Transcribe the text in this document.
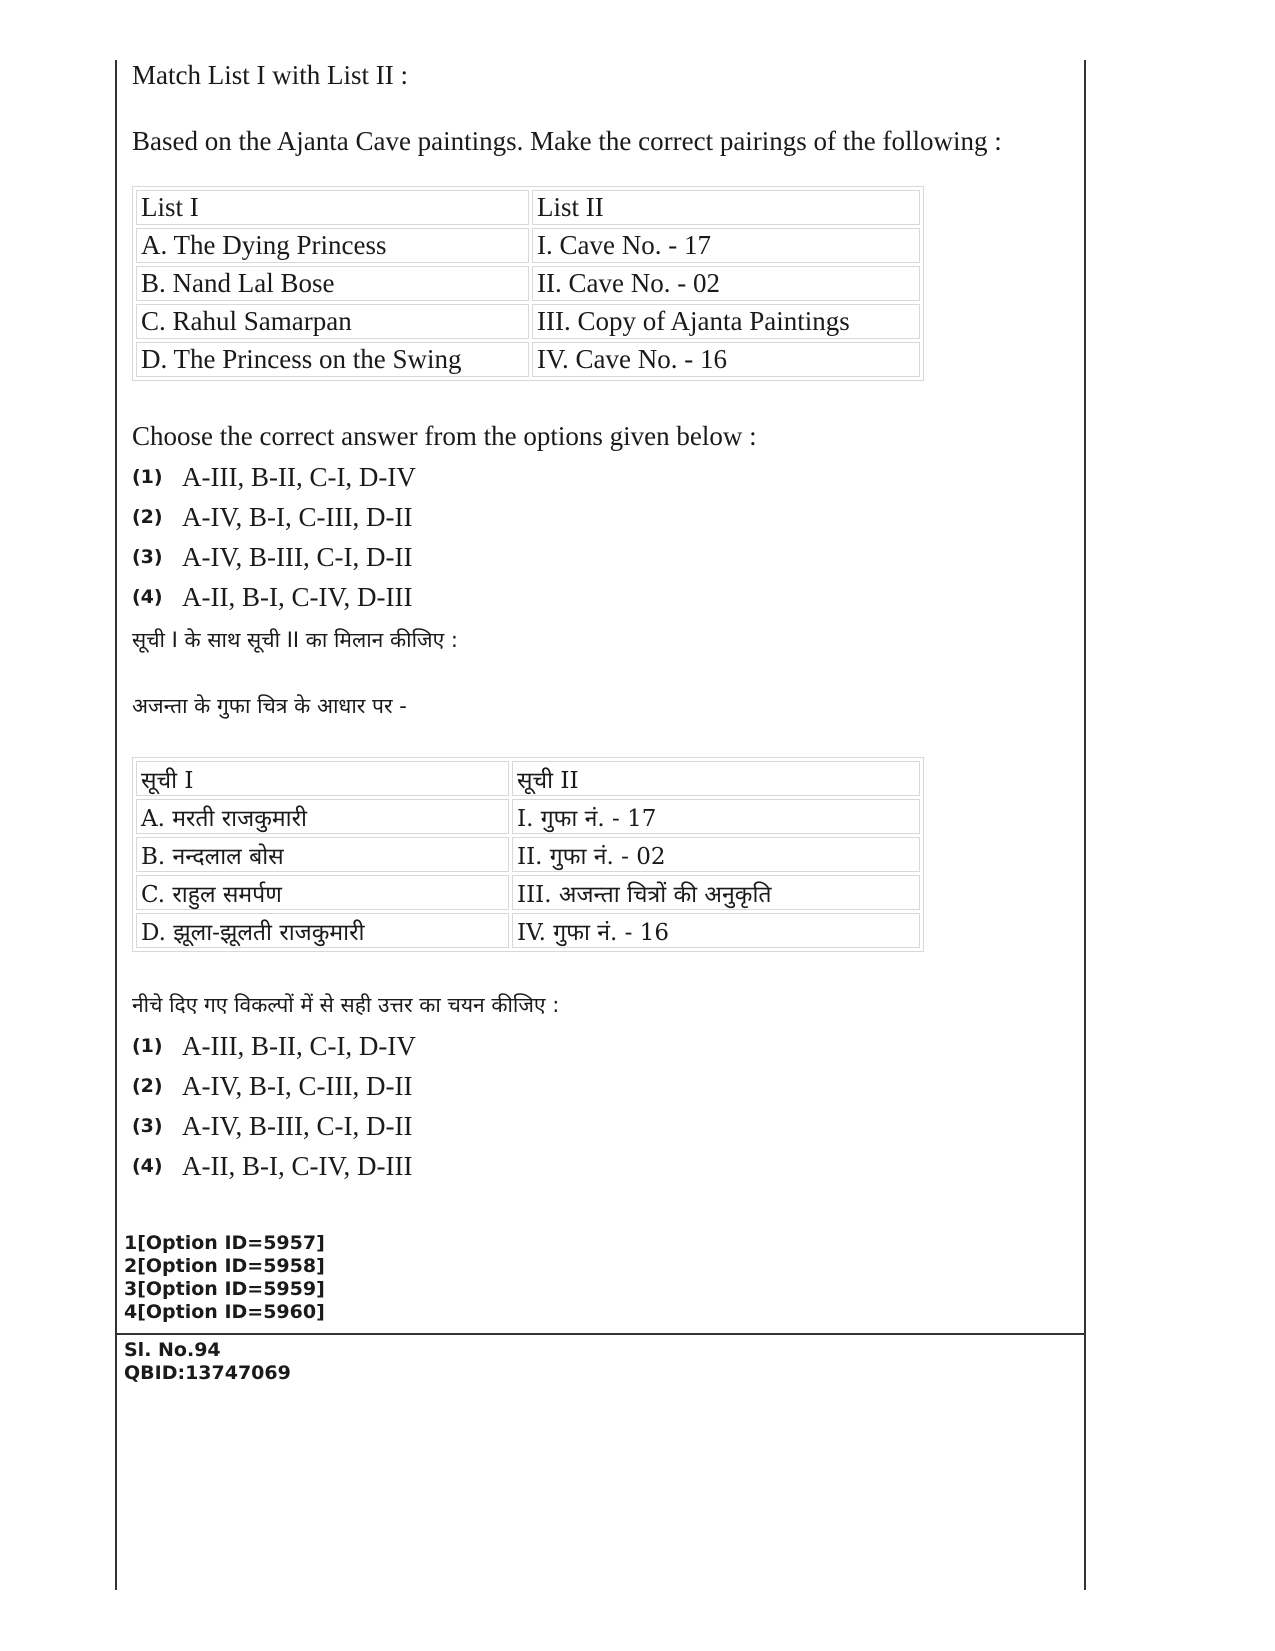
Match List I with List II :

Based on the Ajanta Cave paintings. Make the correct pairings of the following :

List I	List II
A. The Dying Princess	I. Cave No. - 17
B. Nand Lal Bose	II. Cave No. - 02
C. Rahul Samarpan	III. Copy of Ajanta Paintings
D. The Princess on the Swing	IV. Cave No. - 16

Choose the correct answer from the options given below :

(1) A-III, B-II, C-I, D-IV
(2) A-IV, B-I, C-III, D-II
(3) A-IV, B-III, C-I, D-II
(4) A-II, B-I, C-IV, D-III

सूची I के साथ सूची II का मिलान कीजिए :

अजन्ता के गुफा चित्र के आधार पर -

सूची I	सूची II
A. मरती राजकुमारी	I. गुफा नं. - 17
B. नन्दलाल बोस	II. गुफा नं. - 02
C. राहुल समर्पण	III. अजन्ता चित्रों की अनुकृति
D. झूला-झूलती राजकुमारी	IV. गुफा नं. - 16

नीचे दिए गए विकल्पों में से सही उत्तर का चयन कीजिए :

(1) A-III, B-II, C-I, D-IV
(2) A-IV, B-I, C-III, D-II
(3) A-IV, B-III, C-I, D-II
(4) A-II, B-I, C-IV, D-III
1[Option ID=5957]
2[Option ID=5958]
3[Option ID=5959]
4[Option ID=5960]
Sl. No.94
QBID:13747069
